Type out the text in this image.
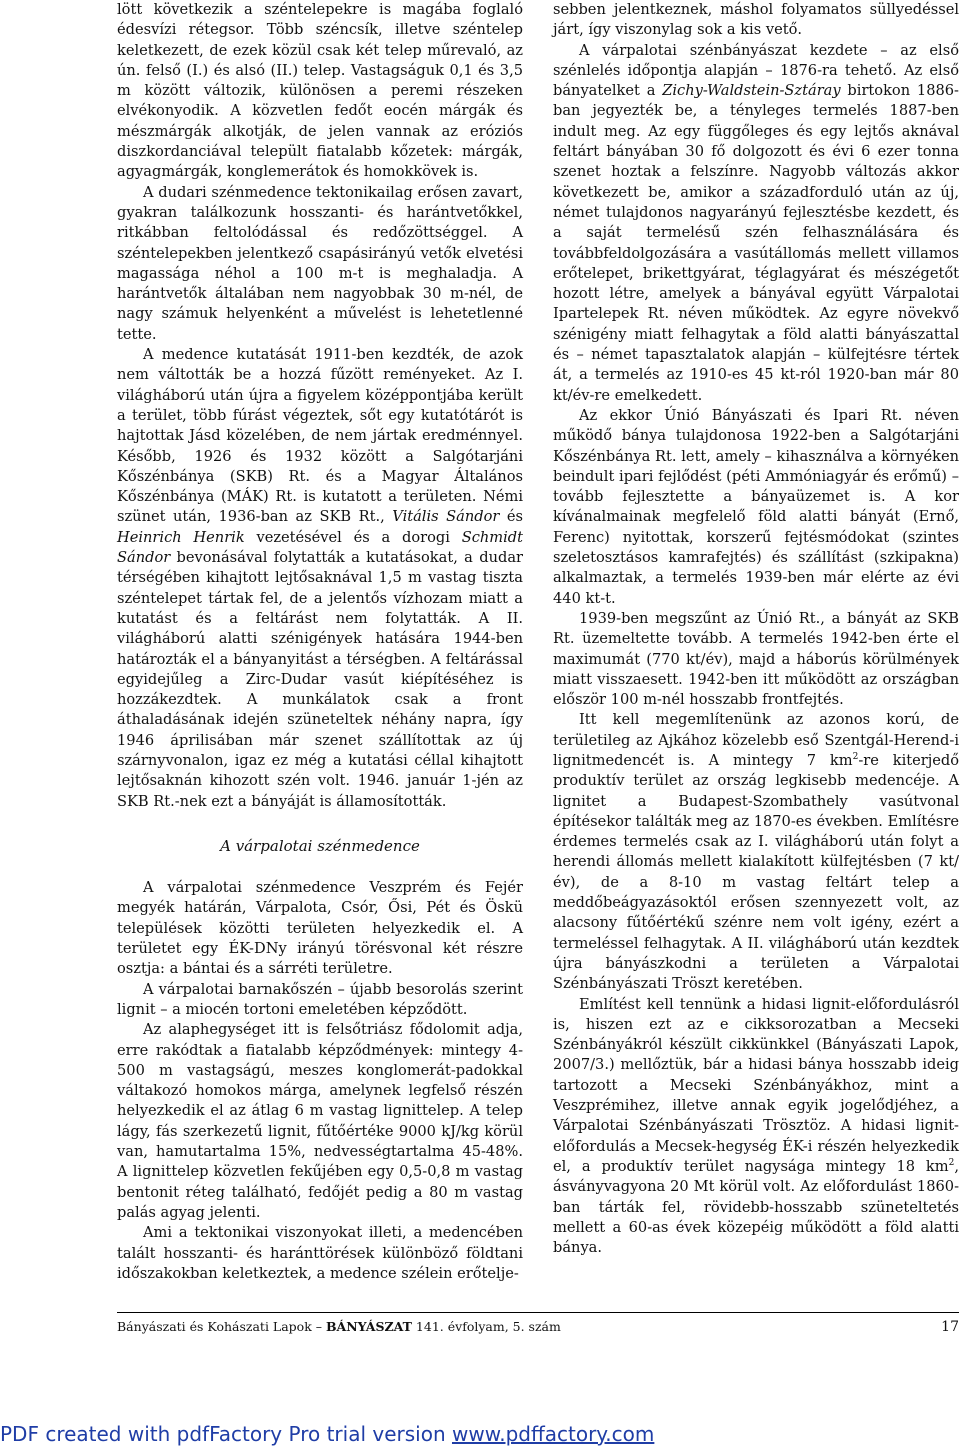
lött következik a széntelepekre is magába foglaló édesvízi rétegsor. Több széncsík, illetve széntelep keletkezett, de ezek közül csak két telep műrevaló, az ún. felső (I.) és alsó (II.) telep. Vastagságuk 0,1 és 3,5 m között változik, különösen a peremi részeken elvékonyodik. A közvetlen fedőt eocén márgák és mészmárgák alkotják, de jelen vannak az eróziós diszkordanciával települt fiatalabb kőzetek: márgák, agyagmárgák, konglemerátok és homokkövek is.

A dudari szénmedence tektonikailag erősen zavart, gyakran találkozunk hosszanti- és harántvetőkkel, ritkábban feltolódással és redőzöttséggel. A széntelepekben jelentkező csapásirányú vetők elvetési magassága néhol a 100 m-t is meghaladja. A harántvetők általában nem nagyobbak 30 m-nél, de nagy számuk helyenként a művelést is lehetetlenné tette.

A medence kutatását 1911-ben kezdték, de azok nem váltották be a hozzá fűzött reményeket. Az I. világháború után újra a figyelem középpontjába került a terület, több fúrást végeztek, sőt egy kutatótárót is hajtottak Jásd közelében, de nem jártak eredménnyel. Később, 1926 és 1932 között a Salgótarjáni Kőszénbánya (SKB) Rt. és a Magyar Általános Kőszénbánya (MÁK) Rt. is kutatott a területen. Némi szünet után, 1936-ban az SKB Rt., Vitális Sándor és Heinrich Henrik vezetésével és a dorogi Schmidt Sándor bevonásával folytatták a kutatásokat, a dudar térségében kihajtott lejtősaknával 1,5 m vastag tiszta széntelepet tártak fel, de a jelentős vízhozam miatt a kutatást és a feltárást nem folytatták. A II. világháború alatti szénigények hatására 1944-ben határozták el a bányanyitást a térségben. A feltárással egyidejűleg a Zirc-Dudar vasút kiépítéséhez is hozzákezdtek. A munkálatok csak a front áthaladásának idején szüneteltek néhány napra, így 1946 áprilisában már szenet szállítottak az új szárnyvonalon, igaz ez még a kutatási céllal kihajtott lejtősaknán kihozott szén volt. 1946. január 1-jén az SKB Rt.-nek ezt a bányáját is államosították.

A várpalotai szénmedence

A várpalotai szénmedence Veszprém és Fejér megyék határán, Várpalota, Csór, Ősi, Pét és Öskü települések közötti területen helyezkedik el. A területet egy ÉK-DNy irányú törésvonal két részre osztja: a bántai és a sárréti területre.

A várpalotai barnakőszén – újabb besorolás szerint lignit – a miocén tortoni emeletében képződött.

Az alaphegységet itt is felsőtriász fődolomit adja, erre rakódtak a fiatalabb képződmények: mintegy 4-500 m vastagságú, meszes konglomerát-padokkal váltakozó homokos márga, amelynek legfelső részén helyezkedik el az átlag 6 m vastag lignittelep. A telep lágy, fás szerkezetű lignit, fűtőértéke 9000 kJ/kg körül van, hamutartalma 15%, nedvességtartalma 45-48%. A lignittelep közvetlen fekűjében egy 0,5-0,8 m vastag bentonit réteg található, fedőjét pedig a 80 m vastag palás agyag jelenti.

Ami a tektonikai viszonyokat illeti, a medencében talált hosszanti- és haránttörések különböző földtani időszakokban keletkeztek, a medence szélein erőtelje-

sebben jelentkeznek, máshol folyamatos süllyedéssel járt, így viszonylag sok a kis vető.

A várpalotai szénbányászat kezdete – az első szénlelés időpontja alapján – 1876-ra tehető. Az első bányatelket a Zichy-Waldstein-Sztáray birtokon 1886-ban jegyezték be, a tényleges termelés 1887-ben indult meg. Az egy függőleges és egy lejtős aknával feltárt bányában 30 fő dolgozott és évi 6 ezer tonna szenet hoztak a felszínre. Nagyobb változás akkor következett be, amikor a századforduló után az új, német tulajdonos nagyarányú fejlesztésbe kezdett, és a saját termelésű szén felhasználására és továbbfeldolgozására a vasútállomás mellett villamos erőtelepet, brikettgyárat, téglagyárat és mészégetőt hozott létre, amelyek a bányával együtt Várpalotai Ipartelepek Rt. néven működtek. Az egyre növekvő szénigény miatt felhagytak a föld alatti bányászattal és – német tapasztalatok alapján – külfejtésre tértek át, a termelés az 1910-es 45 kt-ról 1920-ban már 80 kt/év-re emelkedett.

Az ekkor Únió Bányászati és Ipari Rt. néven működő bánya tulajdonosa 1922-ben a Salgótarjáni Kőszénbánya Rt. lett, amely – kihasználva a környéken beindult ipari fejlődést (péti Ammóniagyár és erőmű) – tovább fejlesztette a bányaüzemet is. A kor kívánalmainak megfelelő föld alatti bányát (Ernő, Ferenc) nyitottak, korszerű fejtésmódokat (szintes szeletosztásos kamrafejtés) és szállítást (szkipakna) alkalmaztak, a termelés 1939-ben már elérte az évi 440 kt-t.

1939-ben megszűnt az Únió Rt., a bányát az SKB Rt. üzemeltette tovább. A termelés 1942-ben érte el maximumát (770 kt/év), majd a háborús körülmények miatt visszaesett. 1942-ben itt működött az országban először 100 m-nél hosszabb frontfejtés.

Itt kell megemlítenünk az azonos korú, de területileg az Ajkához közelebb eső Szentgál-Herend-i lignitmedencét is. A mintegy 7 $km^2-re$ kiterjedő produktív terület az ország legkisebb medencéje. A lignitet a Budapest-Szombathely vasútvonal építésekor találták meg az 1870-es években. Említésre érdemes termelés csak az I. világháború után folyt a herendi állomás mellett kialakított külfejtésben (7 kt/év), de a 8-10 m vastag feltárt telep a meddőbeágyazásoktól erősen szennyezett volt, az alacsony fűtőértékű szénre nem volt igény, ezért a termeléssel felhagytak. A II. világháború után kezdtek újra bányászkodni a területen a Várpalotai Szénbányászati Tröszt keretében.

Említést kell tennünk a hidasi lignit-előfordulásról is, hiszen ezt az e cikksorozatban a Mecseki Szénbányákról készült cikkünkkel (Bányászati Lapok, 2007/3.) mellőztük, bár a hidasi bánya hosszabb ideig tartozott a Mecseki Szénbányákhoz, mint a Veszprémihez, illetve annak egyik jogelődjéhez, a Várpalotai Szénbányászati Trösztöz. A hidasi lignit-előfordulás a Mecsek-hegység ÉK-i részén helyezkedik el, a produktív terület nagysága mintegy 18 $km^2$, ásványvagyona 20 Mt körül volt. Az előfordulást 1860-ban tárták fel, rövidebb-hosszabb szüneteltetés mellett a 60-as évek közepéig működött a föld alatti bánya.

Bányászati és Kohászati Lapok – BÁNYÁSZAT 141. évfolyam, 5. szám	17
PDF created with pdfFactory Pro trial version www.pdffactory.com
